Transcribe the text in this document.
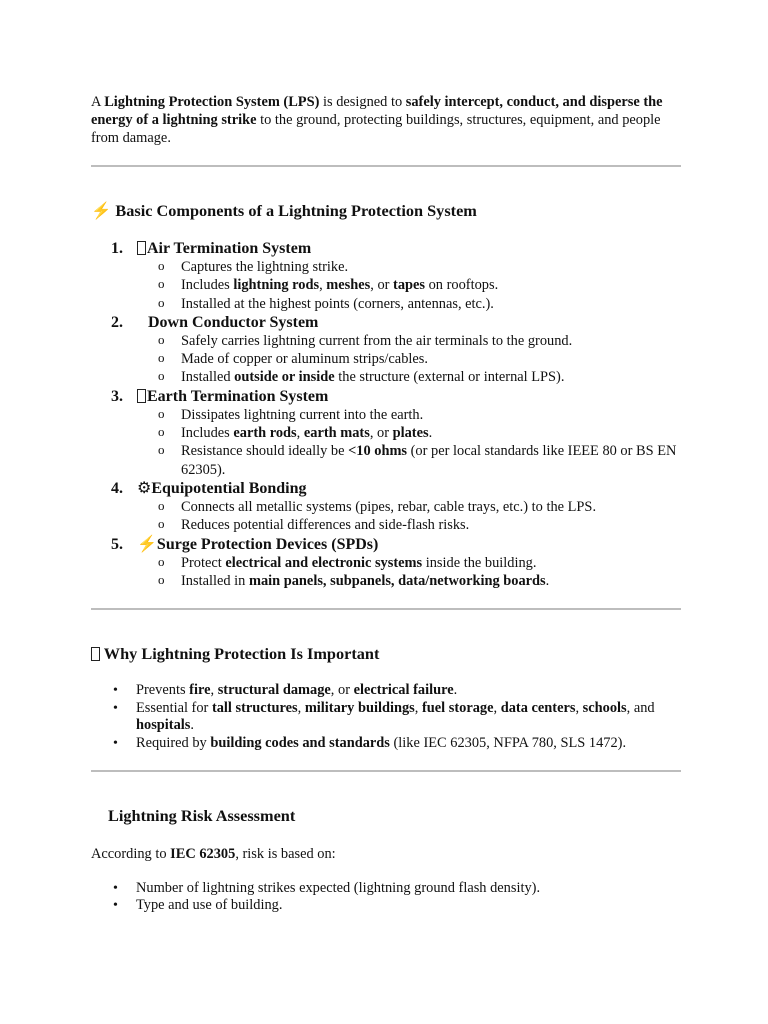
A Lightning Protection System (LPS) is designed to safely intercept, conduct, and disperse the energy of a lightning strike to the ground, protecting buildings, structures, equipment, and people from damage.

⚡ Basic Components of a Lightning Protection System
1.	Air Termination System
o Captures the lightning strike.
o Includes lightning rods, meshes, or tapes on rooftops.
o Installed at the highest points (corners, antennas, etc.).
2.	Down Conductor System
o Safely carries lightning current from the air terminals to the ground.
o Made of copper or aluminum strips/cables.
o Installed outside or inside the structure (external or internal LPS).
3.	Earth Termination System
o Dissipates lightning current into the earth.
o Includes earth rods, earth mats, or plates.
o Resistance should ideally be <10 ohms (or per local standards like IEEE 80 or BS EN 62305).
4. ⚙Equipotential Bonding
o Connects all metallic systems (pipes, rebar, cable trays, etc.) to the LPS.
o Reduces potential differences and side-flash risks.
5. ⚡Surge Protection Devices (SPDs)
o Protect electrical and electronic systems inside the building.
o Installed in main panels, subpanels, data/networking boards.
Why Lightning Protection Is Important
• Prevents fire, structural damage, or electrical failure.
• Essential for tall structures, military buildings, fuel storage, data centers, schools, and hospitals.
• Required by building codes and standards (like IEC 62305, NFPA 780, SLS 1472).
Lightning Risk Assessment

According to IEC 62305, risk is based on:

• Number of lightning strikes expected (lightning ground flash density).
• Type and use of building.
